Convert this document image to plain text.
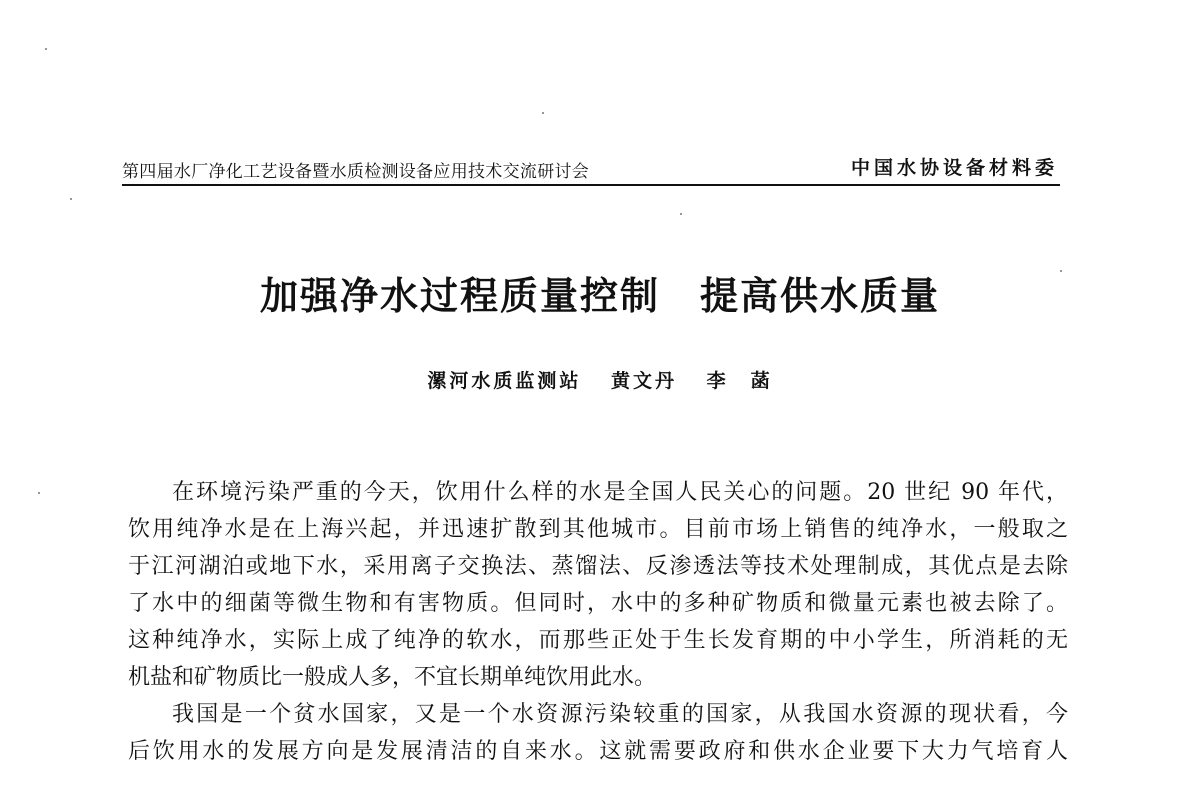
第四届水厂净化工艺设备暨水质检测设备应用技术交流研讨会	中国水协设备材料委
加强净水过程质量控制　提高供水质量
漯河水质监测站 黄文丹 李　菡
在环境污染严重的今天，饮用什么样的水是全国人民关心的问题。20 世纪 90 年代，
饮用纯净水是在上海兴起，并迅速扩散到其他城市。目前市场上销售的纯净水，一般取之
于江河湖泊或地下水，采用离子交换法、蒸馏法、反渗透法等技术处理制成，其优点是去除
了水中的细菌等微生物和有害物质。但同时，水中的多种矿物质和微量元素也被去除了。
这种纯净水，实际上成了纯净的软水，而那些正处于生长发育期的中小学生，所消耗的无
机盐和矿物质比一般成人多，不宜长期单纯饮用此水。
我国是一个贫水国家，又是一个水资源污染较重的国家，从我国水资源的现状看，今
后饮用水的发展方向是发展清洁的自来水。这就需要政府和供水企业要下大力气培育人
